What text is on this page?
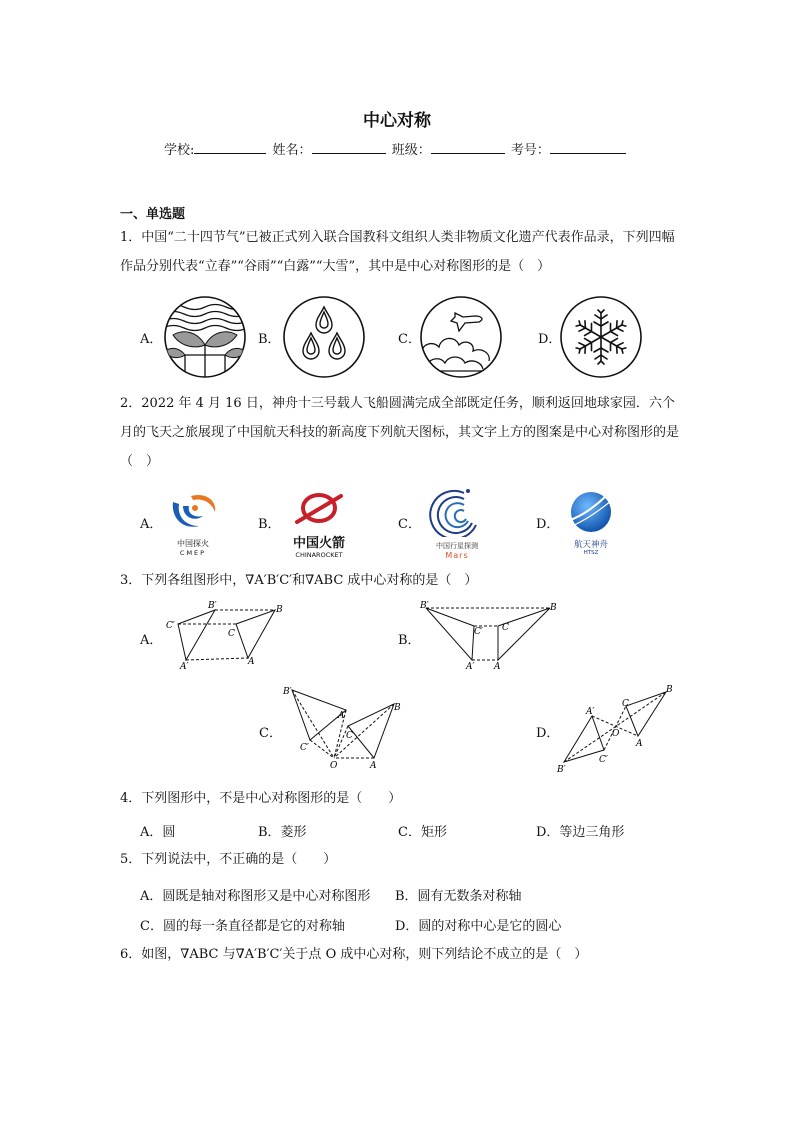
中心对称
学校:	姓名：	班级：	考号：
一、单选题
1．中国“二十四节气”已被正式列入联合国教科文组织人类非物质文化遗产代表作品录，下列四幅作品分别代表“立春”“谷雨”“白露”“大雪”，其中是中心对称图形的是（　）
A．	B．	C．	D．
2．2022 年 4 月 16 日，神舟十三号载人飞船圆满完成全部既定任务，顺利返回地球家园．六个月的飞天之旅展现了中国航天科技的新高度下列航天图标，其文字上方的图案是中心对称图形的是（　）
A．	B．	C．	D．
中国探火
CMEP
中国火箭
CHINAROCKET
中国行星探测
Mars
航天神舟
HTSZ
3．下列各组图形中，∇A′B′C′和∇ABC 成中心对称的是（　）
A．	B．
C．	D．
B′	B
C′
C
A′	A
B′	B
C′ C
A′ A
B′
A′
B
C′
C
O	A	B′
A′
C′
O
C
B
A
4．下列图形中，不是中心对称图形的是（　　）
A．圆	B．菱形	C．矩形	D．等边三角形
5．下列说法中，不正确的是（　　）
A．圆既是轴对称图形又是中心对称图形 B．圆有无数条对称轴
C．圆的每一条直径都是它的对称轴	D．圆的对称中心是它的圆心
6．如图，∇ABC 与∇A′B′C′关于点 O 成中心对称，则下列结论不成立的是（　）
